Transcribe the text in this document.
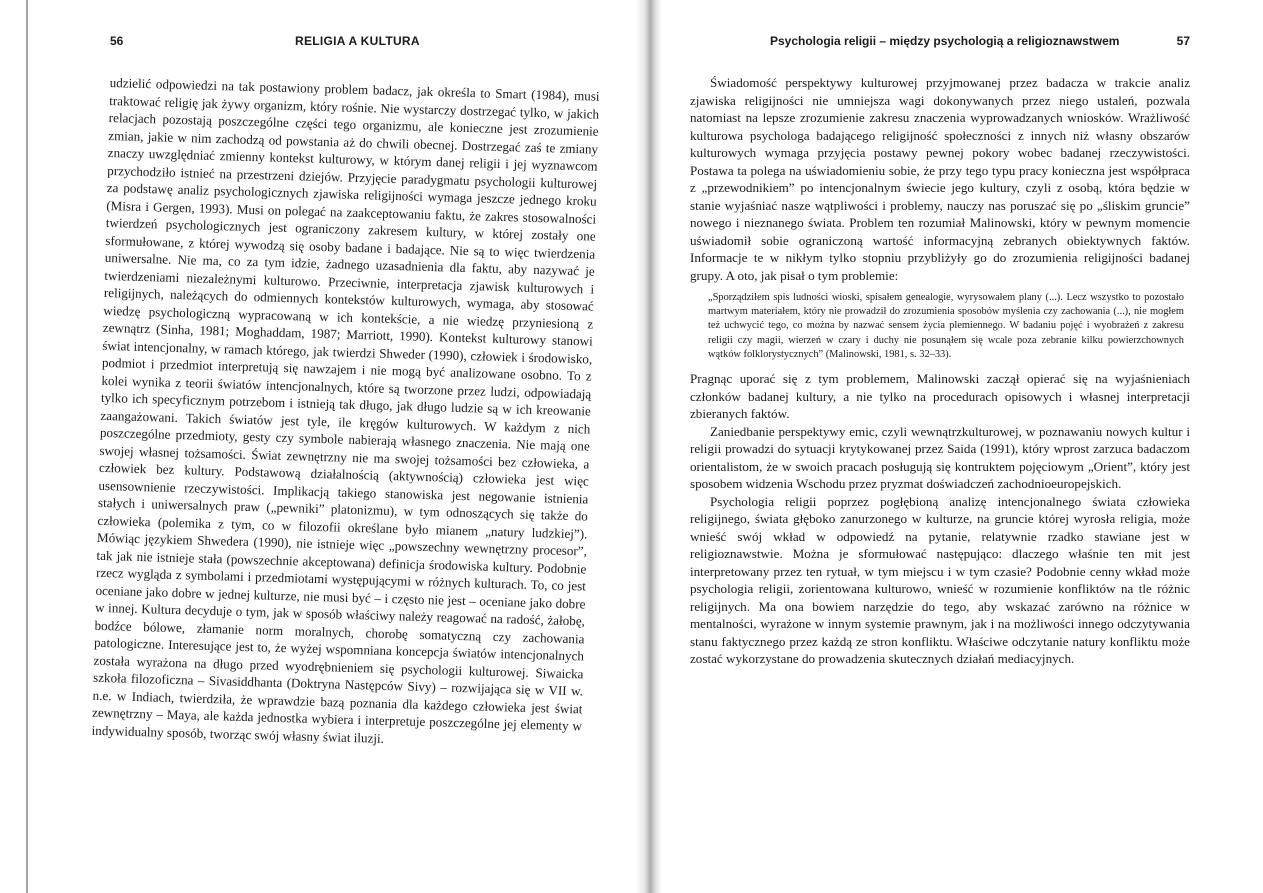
56	RELIGIA A KULTURA

udzielić odpowiedzi na tak postawiony problem badacz, jak określa to Smart (1984), musi traktować religię jak żywy organizm, który rośnie. Nie wystarczy dostrzegać tylko, w jakich relacjach pozostają poszczególne części tego organizmu, ale konieczne jest zrozumienie zmian, jakie w nim zachodzą od powstania aż do chwili obecnej. Dostrzegać zaś te zmiany znaczy uwzględniać zmienny kontekst kulturowy, w którym danej religii i jej wyznawcom przychodziło istnieć na przestrzeni dziejów. Przyjęcie paradygmatu psychologii kulturowej za podstawę analiz psychologicznych zjawiska religijności wymaga jeszcze jednego kroku (Misra i Gergen, 1993). Musi on polegać na zaakceptowaniu faktu, że zakres stosowalności twierdzeń psychologicznych jest ograniczony zakresem kultury, w której zostały one sformułowane, z której wywodzą się osoby badane i badające. Nie są to więc twierdzenia uniwersalne. Nie ma, co za tym idzie, żadnego uzasadnienia dla faktu, aby nazywać je twierdzeniami niezależnymi kulturowo. Przeciwnie, interpretacja zjawisk kulturowych i religijnych, należących do odmiennych kontekstów kulturowych, wymaga, aby stosować wiedzę psychologiczną wypracowaną w ich kontekście, a nie wiedzę przyniesioną z zewnątrz (Sinha, 1981; Moghaddam, 1987; Marriott, 1990). Kontekst kulturowy stanowi świat intencjonalny, w ramach którego, jak twierdzi Shweder (1990), człowiek i środowisko, podmiot i przedmiot interpretują się nawzajem i nie mogą być analizowane osobno. To z kolei wynika z teorii światów intencjonalnych, które są tworzone przez ludzi, odpowiadają tylko ich specyficznym potrzebom i istnieją tak długo, jak długo ludzie są w ich kreowanie zaangażowani. Takich światów jest tyle, ile kręgów kulturowych. W każdym z nich poszczególne przedmioty, gesty czy symbole nabierają własnego znaczenia. Nie mają one swojej własnej tożsamości. Świat zewnętrzny nie ma swojej tożsamości bez człowieka, a człowiek bez kultury. Podstawową działalnością (aktywnością) człowieka jest więc usensownienie rzeczywistości. Implikacją takiego stanowiska jest negowanie istnienia stałych i uniwersalnych praw („pewniki” platonizmu), w tym odnoszących się także do człowieka (polemika z tym, co w filozofii określane było mianem „natury ludzkiej”). Mówiąc językiem Shwedera (1990), nie istnieje więc „powszechny wewnętrzny procesor”, tak jak nie istnieje stała (powszechnie akceptowana) definicja środowiska kultury. Podobnie rzecz wygląda z symbolami i przedmiotami występującymi w różnych kulturach. To, co jest oceniane jako dobre w jednej kulturze, nie musi być – i często nie jest – oceniane jako dobre w innej. Kultura decyduje o tym, jak w sposób właściwy należy reagować na radość, żałobę, bodźce bólowe, złamanie norm moralnych, chorobę somatyczną czy zachowania patologiczne. Interesujące jest to, że wyżej wspomniana koncepcja światów intencjonalnych została wyrażona na długo przed wyodrębnieniem się psychologii kulturowej. Siwaicka szkoła filozoficzna – Sivasiddhanta (Doktryna Następców Sivy) – rozwijająca się w VII w. n.e. w Indiach, twierdziła, że wprawdzie bazą poznania dla każdego człowieka jest świat zewnętrzny – Maya, ale każda jednostka wybiera i interpretuje poszczególne jej elementy w indywidualny sposób, tworząc swój własny świat iluzji.

Psychologia religii – między psychologią a religioznawstwem	57

Świadomość perspektywy kulturowej przyjmowanej przez badacza w trakcie analiz zjawiska religijności nie umniejsza wagi dokonywanych przez niego ustaleń, pozwala natomiast na lepsze zrozumienie zakresu znaczenia wyprowadzanych wniosków. Wrażliwość kulturowa psychologa badającego religijność społeczności z innych niż własny obszarów kulturowych wymaga przyjęcia postawy pewnej pokory wobec badanej rzeczywistości. Postawa ta polega na uświadomieniu sobie, że przy tego typu pracy konieczna jest współpraca z „przewodnikiem” po intencjonalnym świecie jego kultury, czyli z osobą, która będzie w stanie wyjaśniać nasze wątpliwości i problemy, nauczy nas poruszać się po „śliskim gruncie” nowego i nieznanego świata. Problem ten rozumiał Malinowski, który w pewnym momencie uświadomił sobie ograniczoną wartość informacyjną zebranych obiektywnych faktów. Informacje te w nikłym tylko stopniu przybliżyły go do zrozumienia religijności badanej grupy. A oto, jak pisał o tym problemie:

„Sporządziłem spis ludności wioski, spisałem genealogie, wyrysowałem plany (...). Lecz wszystko to pozostało martwym materiałem, który nie prowadził do zrozumienia sposobów myślenia czy zachowania (...), nie mogłem też uchwycić tego, co można by nazwać sensem życia plemiennego. W badaniu pojęć i wyobrażeń z zakresu religii czy magii, wierzeń w czary i duchy nie posunąłem się wcale poza zebranie kilku powierzchownych wątków folklorystycznych” (Malinowski, 1981, s. 32–33).

Pragnąc uporać się z tym problemem, Malinowski zaczął opierać się na wyjaśnieniach członków badanej kultury, a nie tylko na procedurach opisowych i własnej interpretacji zbieranych faktów.

Zaniedbanie perspektywy emic, czyli wewnątrzkulturowej, w poznawaniu nowych kultur i religii prowadzi do sytuacji krytykowanej przez Saida (1991), który wprost zarzuca badaczom orientalistom, że w swoich pracach posługują się kontruktem pojęciowym „Orient”, który jest sposobem widzenia Wschodu przez pryzmat doświadczeń zachodnioeuropejskich.

Psychologia religii poprzez pogłębioną analizę intencjonalnego świata człowieka religijnego, świata głęboko zanurzonego w kulturze, na gruncie której wyrosła religia, może wnieść swój wkład w odpowiedź na pytanie, relatywnie rzadko stawiane jest w religioznawstwie. Można je sformułować następująco: dlaczego właśnie ten mit jest interpretowany przez ten rytuał, w tym miejscu i w tym czasie? Podobnie cenny wkład może psychologia religii, zorientowana kulturowo, wnieść w rozumienie konfliktów na tle różnic religijnych. Ma ona bowiem narzędzie do tego, aby wskazać zarówno na różnice w mentalności, wyrażone w innym systemie prawnym, jak i na możliwości innego odczytywania stanu faktycznego przez każdą ze stron konfliktu. Właściwe odczytanie natury konfliktu może zostać wykorzystane do prowadzenia skutecznych działań mediacyjnych.
